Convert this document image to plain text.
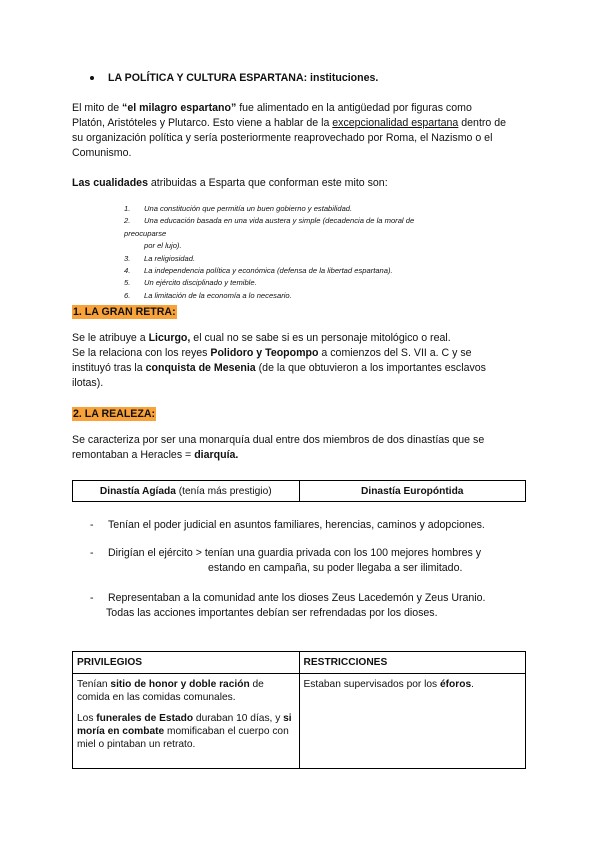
LA POLÍTICA Y CULTURA ESPARTANA: instituciones.
El mito de “el milagro espartano” fue alimentado en la antigüedad por figuras como
Platón, Aristóteles y Plutarco. Esto viene a hablar de la excepcionalidad espartana dentro de
su organización política y sería posteriormente reaprovechado por Roma, el Nazismo o el
Comunismo.
Las cualidades atribuidas a Esparta que conforman este mito son:
1. Una constitución que permitía un buen gobierno y estabilidad.
2. Una educación basada en una vida austera y simple (decadencia de la moral de preocuparse
por el lujo).
3. La religiosidad.
4. La independencia política y económica (defensa de la libertad espartana).
5. Un ejército disciplinado y temible.
6. La limitación de la economía a lo necesario.
1. LA GRAN RETRA:
Se le atribuye a Licurgo, el cual no se sabe si es un personaje mitológico o real.
Se la relaciona con los reyes Polidoro y Teopompo a comienzos del S. VII a. C y se
instituyó tras la conquista de Mesenia (de la que obtuvieron a los importantes esclavos
ilotas).
2. LA REALEZA:
Se caracteriza por ser una monarquía dual entre dos miembros de dos dinastías que se
remontaban a Heracles = diarquía.
Dinastía Agíada (tenía más prestigio)	Dinastía Europóntida
- Tenían el poder judicial en asuntos familiares, herencias, caminos y adopciones.
- Dirigían el ejército > tenían una guardia privada con los 100 mejores hombres y
estando en campaña, su poder llegaba a ser ilimitado.
- Representaban a la comunidad ante los dioses Zeus Lacedemón y Zeus Uranio.
Todas las acciones importantes debían ser refrendadas por los dioses.
PRIVILEGIOS	RESTRICCIONES

Tenían sitio de honor y doble ración de comida en las comidas comunales.
Los funerales de Estado duraban 10 días, y si moría en combate momificaban el cuerpo con miel o pintaban un retrato.	Estaban supervisados por los éforos.
